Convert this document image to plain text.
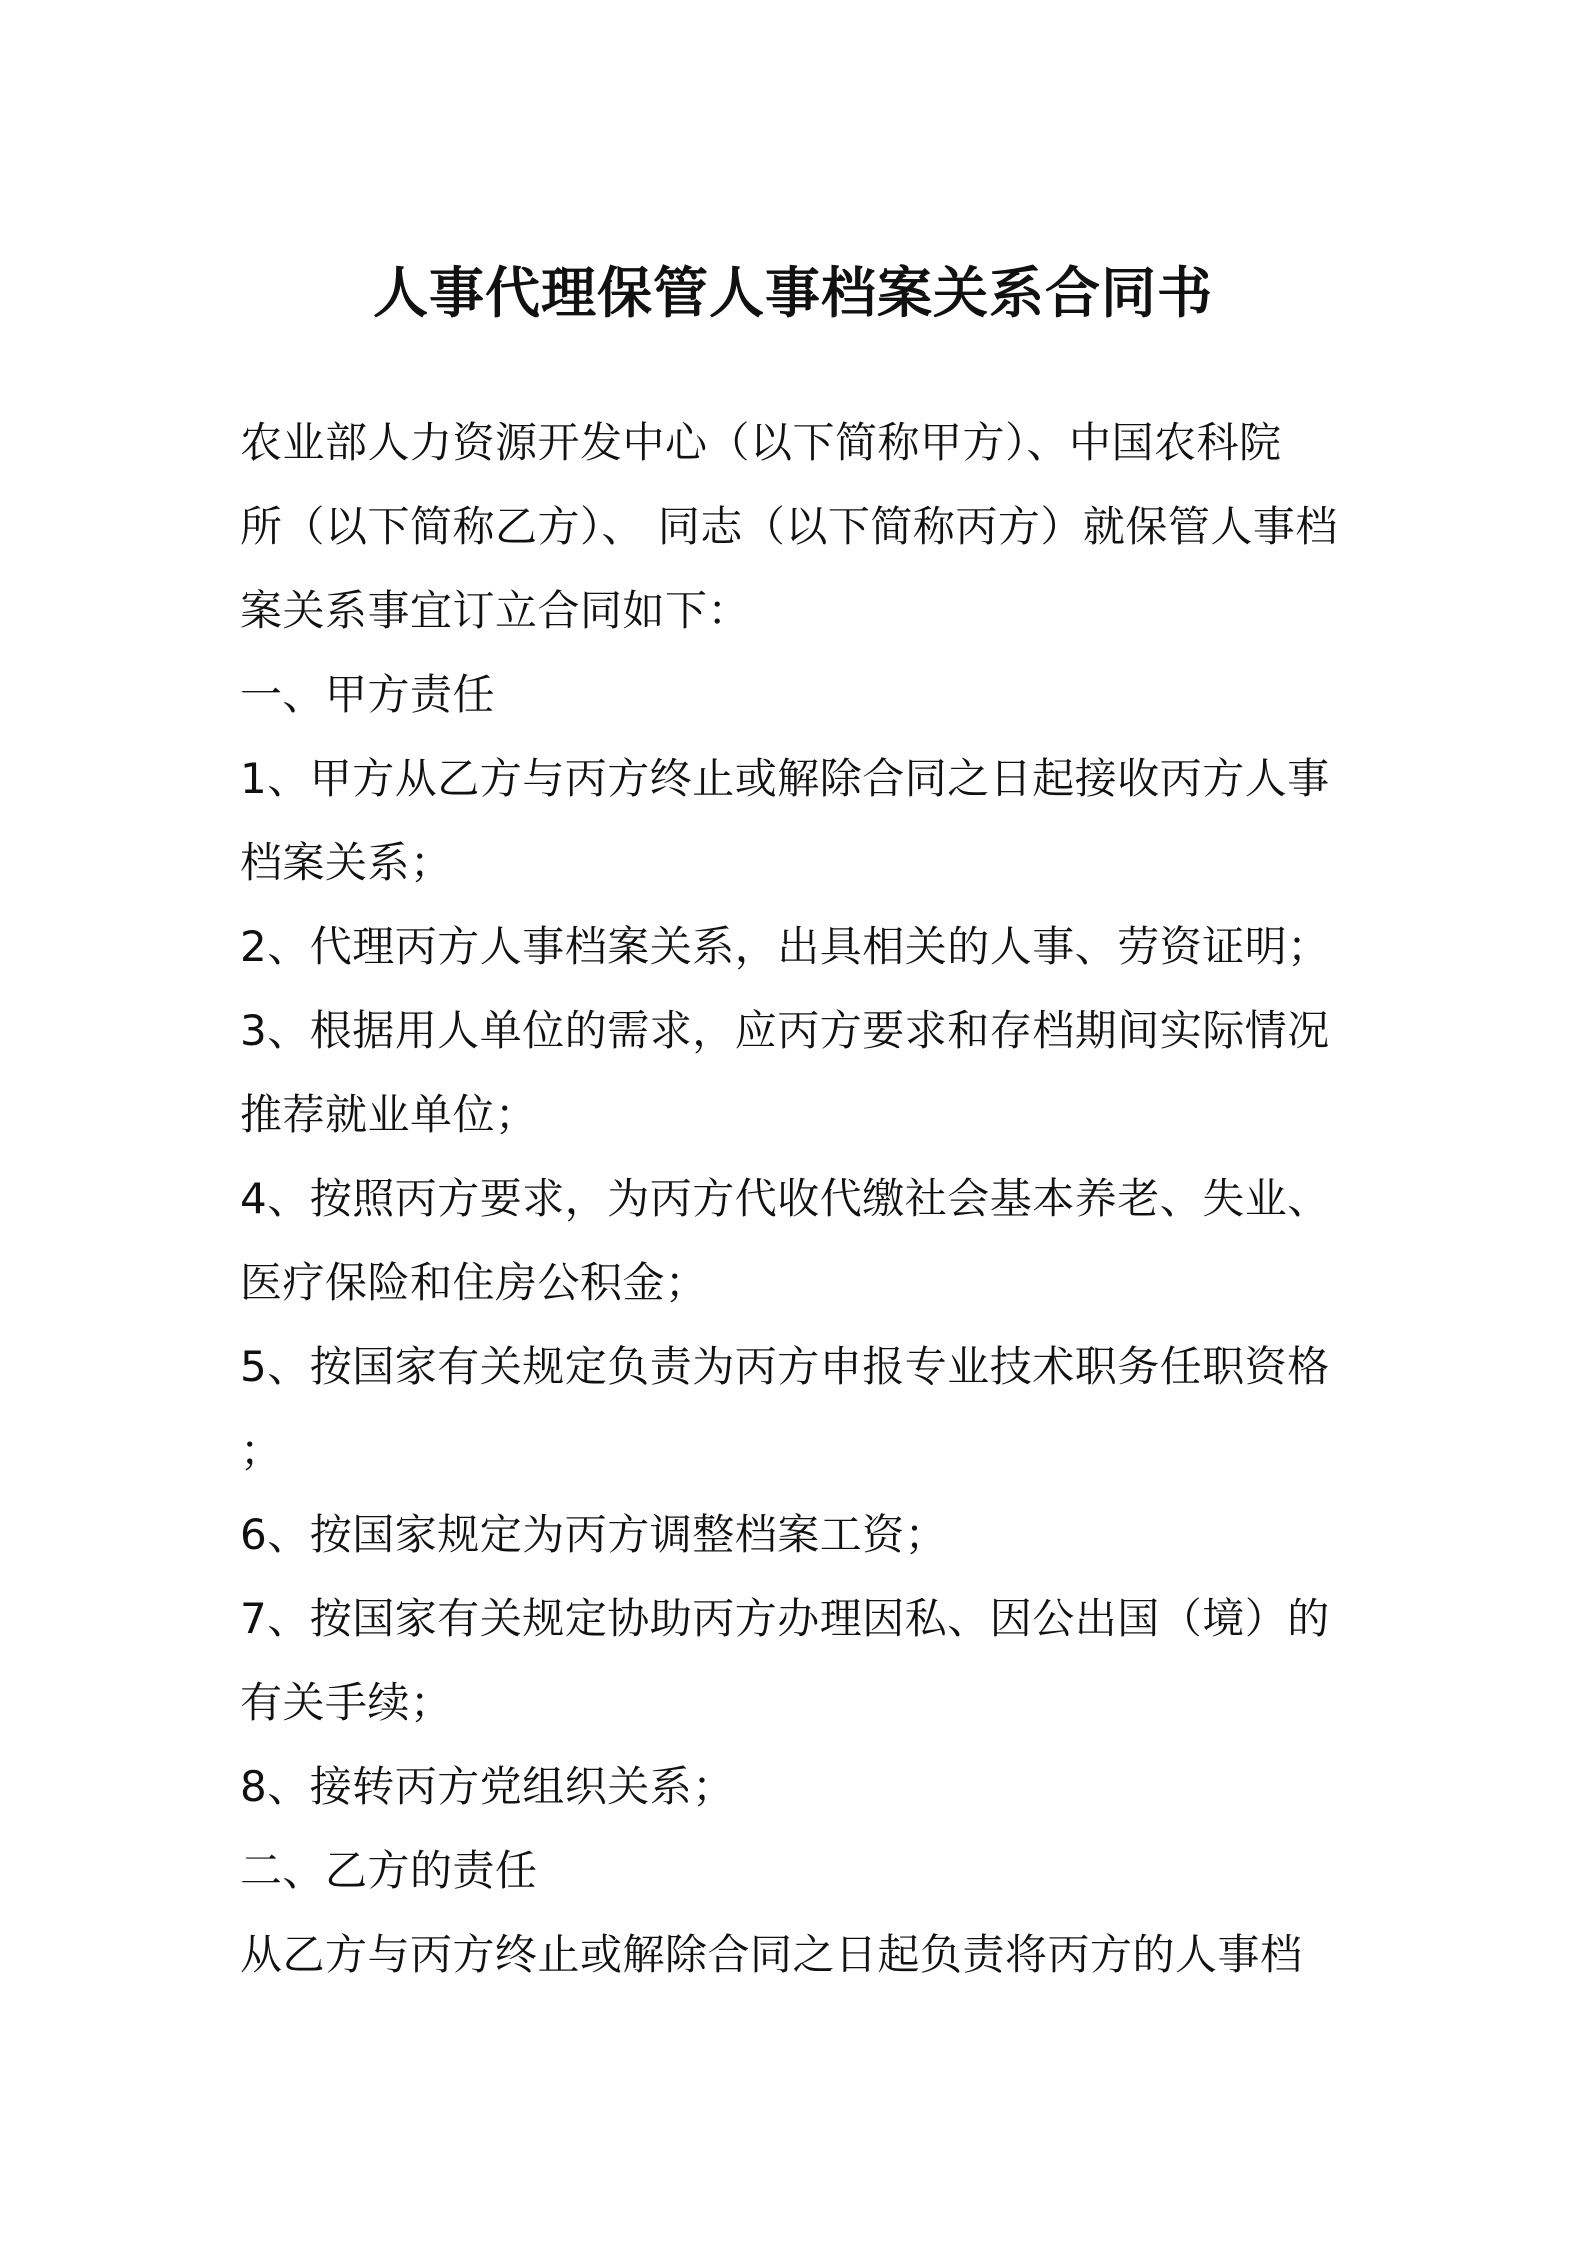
人事代理保管人事档案关系合同书
农业部人力资源开发中心（以下简称甲方）、中国农科院
所（以下简称乙方）、 同志（以下简称丙方）就保管人事档
案关系事宜订立合同如下：
一、甲方责任
1、甲方从乙方与丙方终止或解除合同之日起接收丙方人事
档案关系；
2、代理丙方人事档案关系，出具相关的人事、劳资证明；
3、根据用人单位的需求，应丙方要求和存档期间实际情况
推荐就业单位；
4、按照丙方要求，为丙方代收代缴社会基本养老、失业、
医疗保险和住房公积金；
5、按国家有关规定负责为丙方申报专业技术职务任职资格
；
6、按国家规定为丙方调整档案工资；
7、按国家有关规定协助丙方办理因私、因公出国（境）的
有关手续；
8、接转丙方党组织关系；
二、乙方的责任
从乙方与丙方终止或解除合同之日起负责将丙方的人事档
